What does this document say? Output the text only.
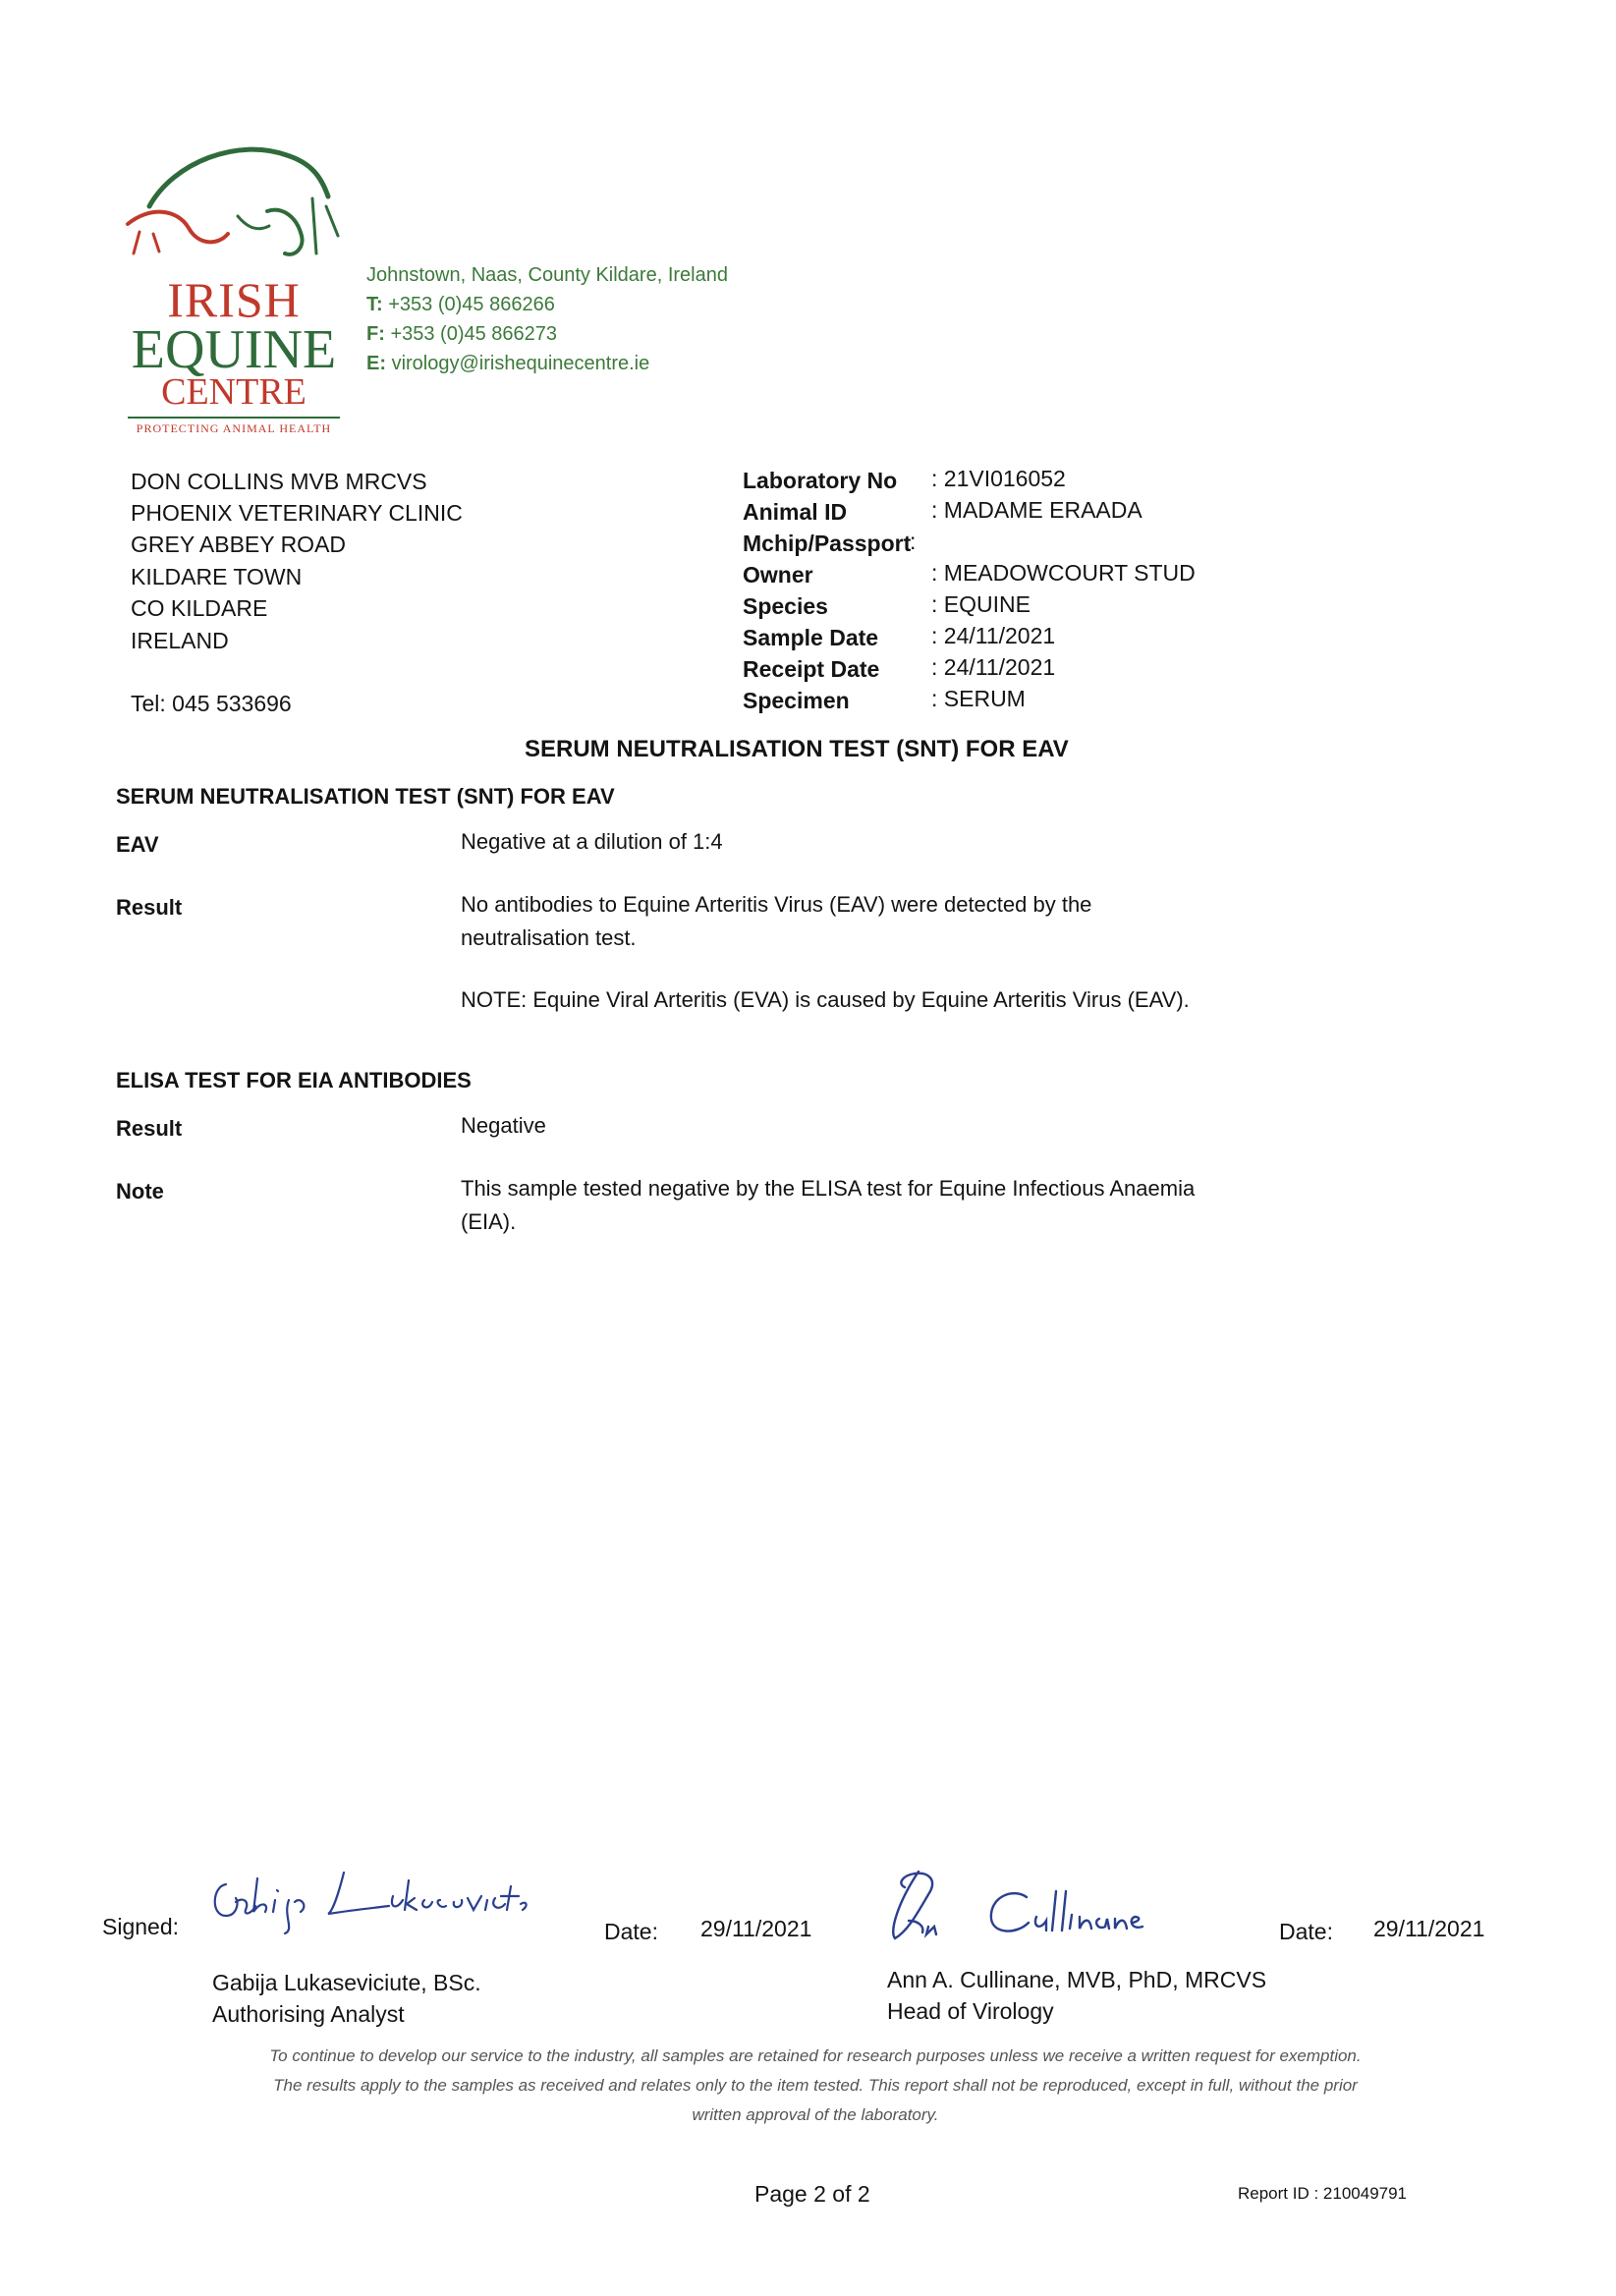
IRISH
EQUINE
CENTRE
PROTECTING ANIMAL HEALTH
Johnstown, Naas, County Kildare, Ireland
T: +353 (0)45 866266
F: +353 (0)45 866273
E: virology@irishequinecentre.ie
DON COLLINS MVB MRCVS
PHOENIX VETERINARY CLINIC
GREY ABBEY ROAD
KILDARE TOWN
CO KILDARE
IRELAND
Tel: 045 533696
Laboratory No : 21VI016052
Animal ID	: MADAME ERAADA
Mchip/Passport
:
Owner	: MEADOWCOURT STUD
Species	: EQUINE
Sample Date : 24/11/2021
Receipt Date : 24/11/2021
Specimen	: SERUM
SERUM NEUTRALISATION TEST (SNT) FOR EAV
SERUM NEUTRALISATION TEST (SNT) FOR EAV
EAV	Negative at a dilution of 1:4
Result	No antibodies to Equine Arteritis Virus (EAV) were detected by the neutralisation test.
NOTE: Equine Viral Arteritis (EVA) is caused by Equine Arteritis Virus (EAV).
ELISA TEST FOR EIA ANTIBODIES
Result	Negative
Note	This sample tested negative by the ELISA test for Equine Infectious Anaemia (EIA).
Signed:	Date: 29/11/2021
Gabija Lukaseviciute, BSc.
Authorising Analyst
Date: 29/11/2021
Ann A. Cullinane, MVB, PhD, MRCVS
Head of Virology
To continue to develop our service to the industry, all samples are retained for research purposes unless we receive a written request for exemption.
The results apply to the samples as received and relates only to the item tested. This report shall not be reproduced, except in full, without the prior
written approval of the laboratory.
Page 2 of 2	Report ID : 210049791
